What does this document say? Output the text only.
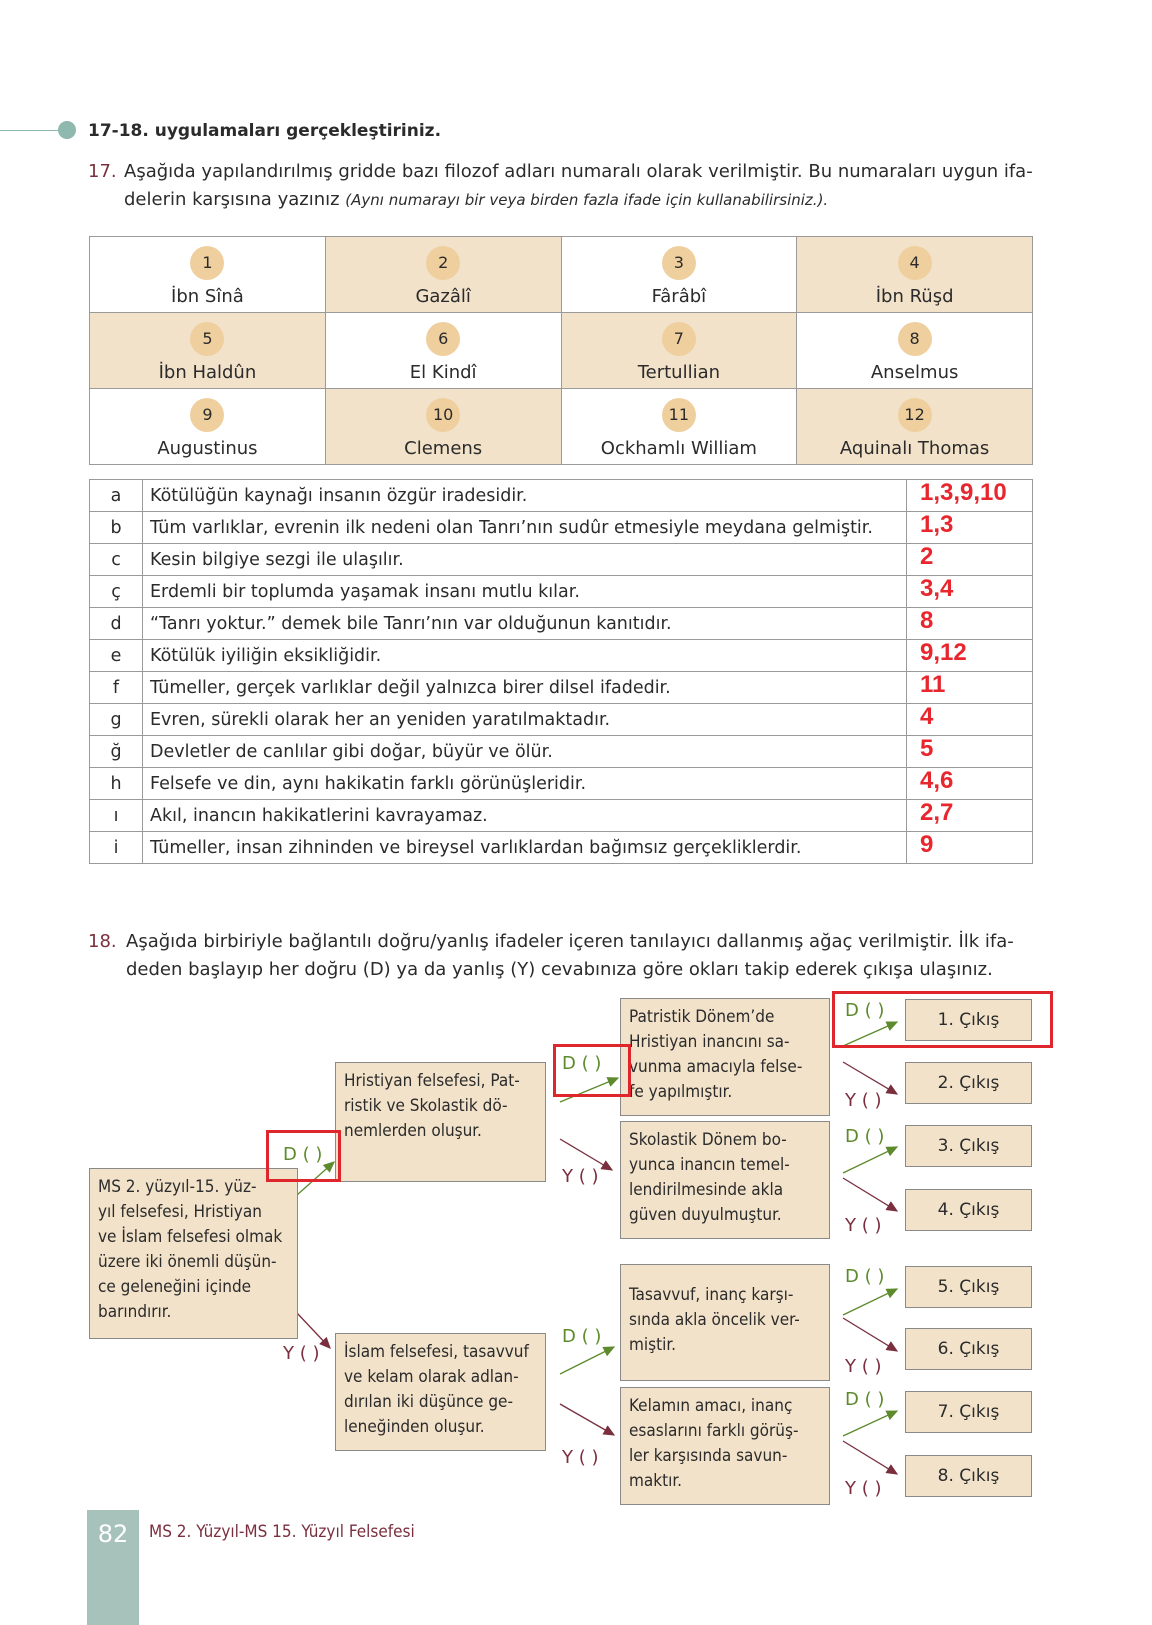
17-18. uygulamaları gerçekleştiriniz.
17. Aşağıda yapılandırılmış gridde bazı filozof adları numaralı olarak verilmiştir. Bu numaraları uygun ifa-
delerin karşısına yazınız (Aynı numarayı bir veya birden fazla ifade için kullanabilirsiniz.).
1
İbn Sînâ	2
Gazâlî	3
Fârâbî	4
İbn Rüşd

5
İbn Haldûn	6
El Kindî	7
Tertullian	8
Anselmus

9
Augustinus	10
Clemens	11
Ockhamlı William	12
Aquinalı Thomas
a	Kötülüğün kaynağı insanın özgür iradesidir.	1,3,9,10
b	Tüm varlıklar, evrenin ilk nedeni olan Tanrı’nın sudûr etmesiyle meydana gelmiştir.	1,3
c	Kesin bilgiye sezgi ile ulaşılır.	2
ç	Erdemli bir toplumda yaşamak insanı mutlu kılar.	3,4
d	“Tanrı yoktur.” demek bile Tanrı’nın var olduğunun kanıtıdır.	8
e	Kötülük iyiliğin eksikliğidir.	9,12
f	Tümeller, gerçek varlıklar değil yalnızca birer dilsel ifadedir.	11
g	Evren, sürekli olarak her an yeniden yaratılmaktadır.	4
ğ	Devletler de canlılar gibi doğar, büyür ve ölür.	5
h	Felsefe ve din, aynı hakikatin farklı görünüşleridir.	4,6
ı	Akıl, inancın hakikatlerini kavrayamaz.	2,7
i	Tümeller, insan zihninden ve bireysel varlıklardan bağımsız gerçekliklerdir.	9
18. Aşağıda birbiriyle bağlantılı doğru/yanlış ifadeler içeren tanılayıcı dallanmış ağaç verilmiştir. İlk ifa-
deden başlayıp her doğru (D) ya da yanlış (Y) cevabınıza göre okları takip ederek çıkışa ulaşınız.
MS 2. yüzyıl-15. yüz-
yıl felsefesi, Hristiyan
ve İslam felsefesi olmak
üzere iki önemli düşün-
ce geleneğini içinde
barındırır.
Hristiyan felsefesi, Pat-
ristik ve Skolastik dö-
nemlerden oluşur.
İslam felsefesi, tasavvuf
ve kelam olarak adlan-
dırılan iki düşünce ge-
leneğinden oluşur.
Patristik Dönem’de
Hristiyan inancını sa-
vunma amacıyla felse-
fe yapılmıştır.
Skolastik Dönem bo-
yunca inancın temel-
lendirilmesinde akla
güven duyulmuştur.
Tasavvuf, inanç karşı-
sında akla öncelik ver-
miştir.
Kelamın amacı, inanç
esaslarını farklı görüş-
ler karşısında savun-
maktır.
D ( )
Y ( )
D ( )
Y ( )
D ( )
Y ( )
D ( )
Y ( )
D ( )
Y ( )
D ( )
Y ( )
D ( )
Y ( )
1. Çıkış
2. Çıkış
3. Çıkış
4. Çıkış
5. Çıkış
6. Çıkış
7. Çıkış
8. Çıkış
82	MS 2. Yüzyıl-MS 15. Yüzyıl Felsefesi
